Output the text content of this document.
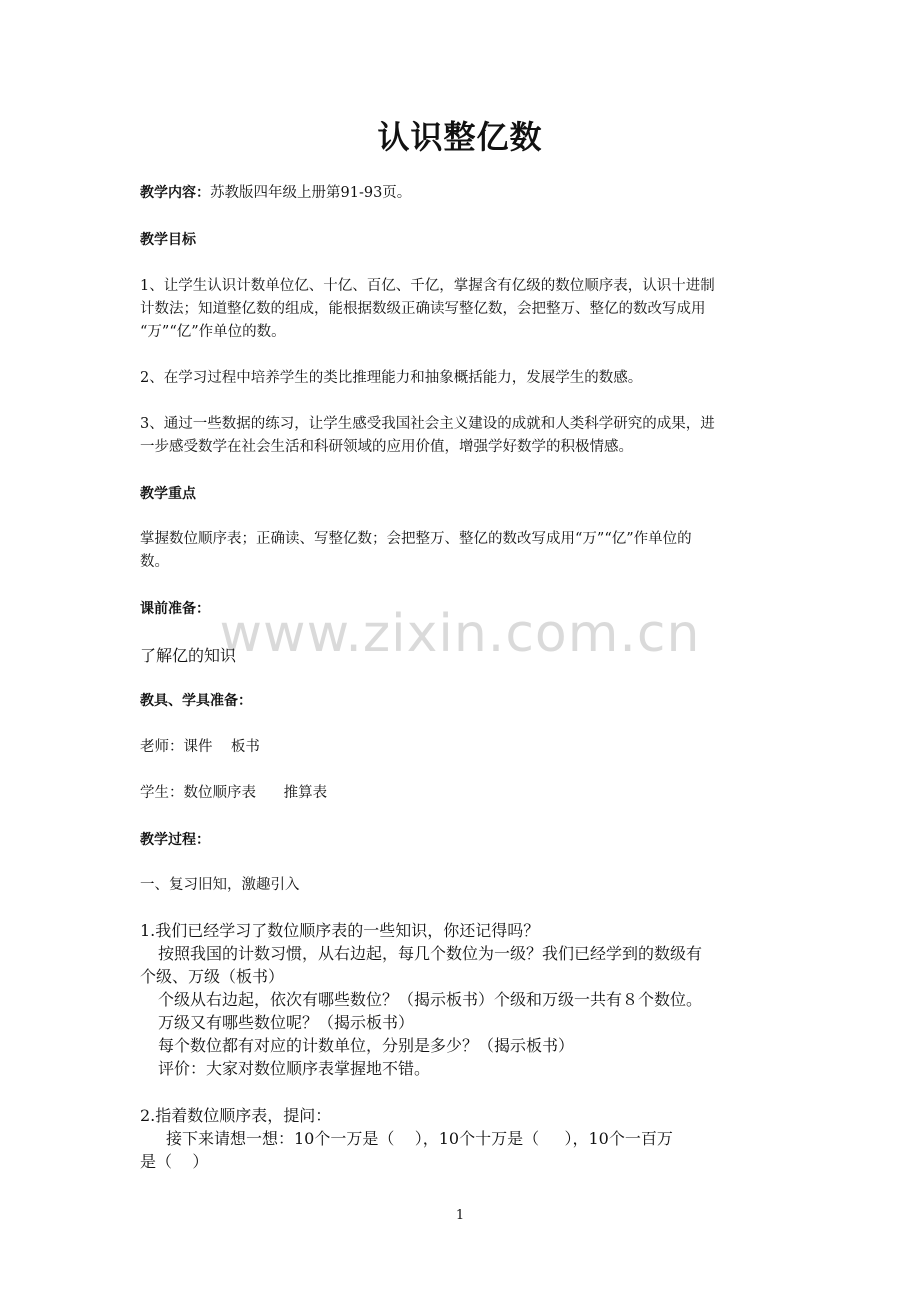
认识整亿数
教学内容：苏教版四年级上册第91-93页。
教学目标
1、让学生认识计数单位亿、十亿、百亿、千亿，掌握含有亿级的数位顺序表，认识十进制
计数法；知道整亿数的组成，能根据数级正确读写整亿数，会把整万、整亿的数改写成用
“万”“亿”作单位的数。
2、在学习过程中培养学生的类比推理能力和抽象概括能力，发展学生的数感。
3、通过一些数据的练习，让学生感受我国社会主义建设的成就和人类科学研究的成果，进
一步感受数学在社会生活和科研领域的应用价值，增强学好数学的积极情感。
教学重点
掌握数位顺序表；正确读、写整亿数；会把整万、整亿的数改写成用“万”“亿”作单位的
数。
课前准备： www.zixin.com.cn
了解亿的知识
教具、学具准备：
老师：课件    板书
学生：数位顺序表      推算表
教学过程：
一、复习旧知，激趣引入
1.我们已经学习了数位顺序表的一些知识，你还记得吗？
按照我国的计数习惯，从右边起，每几个数位为一级？我们已经学到的数级有
个级、万级（板书）
个级从右边起，依次有哪些数位？（揭示板书）个级和万级一共有８个数位。
万级又有哪些数位呢？（揭示板书）
每个数位都有对应的计数单位，分别是多少？（揭示板书）
评价：大家对数位顺序表掌握地不错。
2.指着数位顺序表，提问：
接下来请想一想：10个一万是（    ），10个十万是（     ），10个一百万
是（    ）
1
